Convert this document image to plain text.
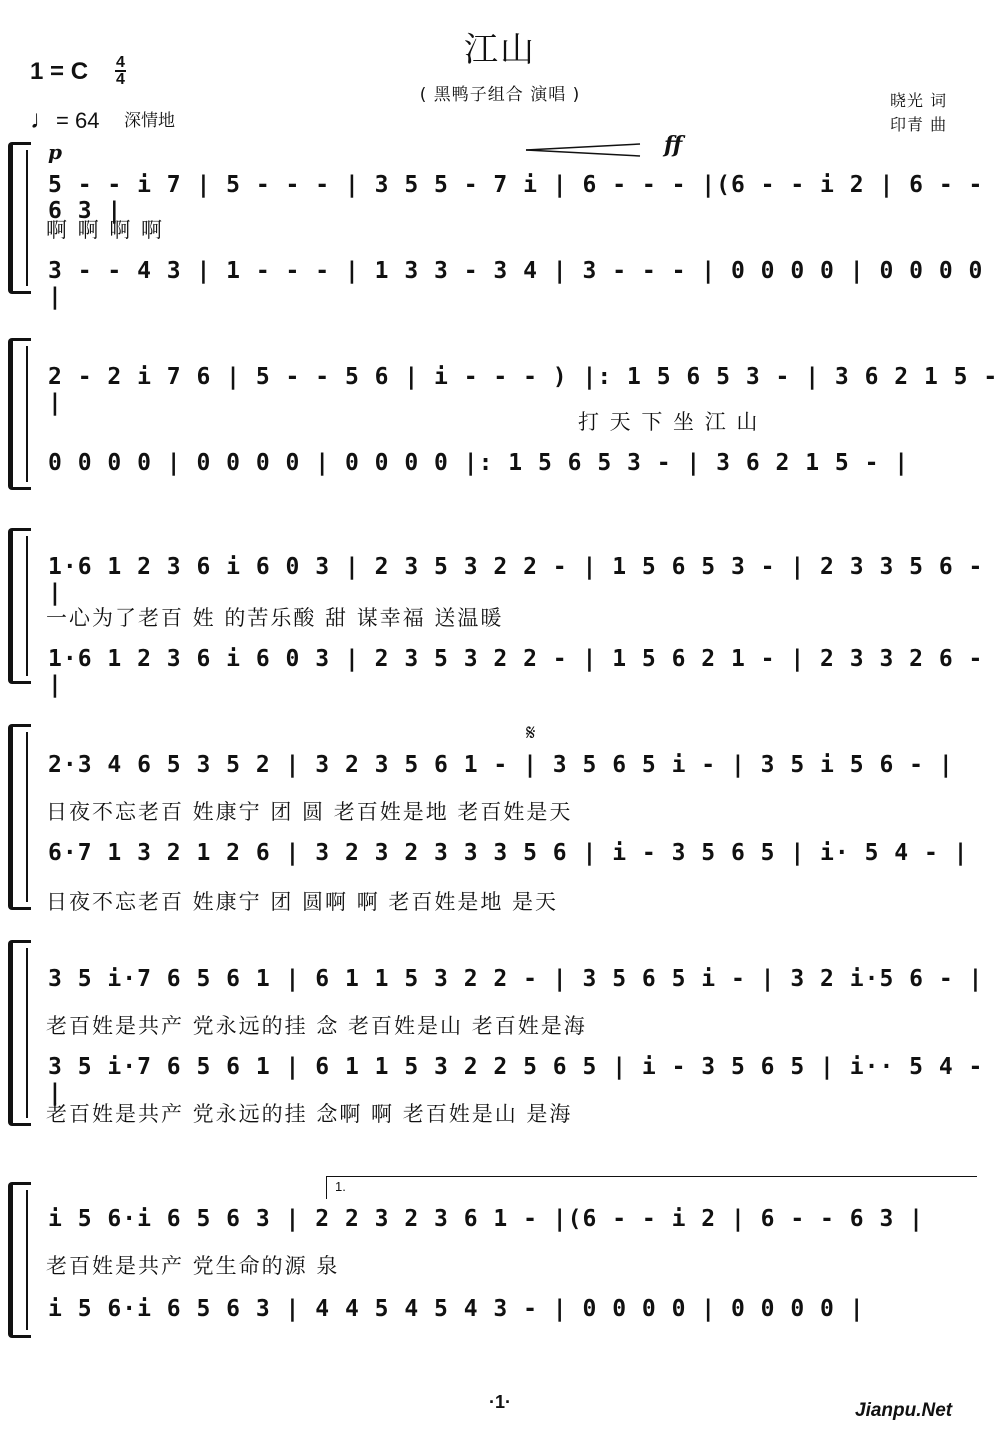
江山
( 黑鸭子组合 演唱 )
1 = C 4
4
♩= 64 深情地
晓光 词
印青 曲
p	ff
𝄋
1.
5 - - i 7 | 5 - - - | 3 5 5 - 7 i | 6 - - - |(6 - - i 2 | 6 - - 6 3 |
啊 啊 啊 啊
3 - - 4 3 | 1 - - - | 1 3 3 - 3 4 | 3 - - - | 0 0 0 0 | 0 0 0 0 |
2 - 2 i 7 6 | 5 - - 5 6 | i - - - ) |: 1 5 6 5 3 - | 3 6 2 1 5 - |
打 天 下 坐 江 山
0 0 0 0 | 0 0 0 0 | 0 0 0 0 |: 1 5 6 5 3 - | 3 6 2 1 5 - |
1·6 1 2 3 6 i 6 0 3 | 2 3 5 3 2 2 - | 1 5 6 5 3 - | 2 3 3 5 6 - |
一心为了老百 姓 的苦乐酸 甜 谋幸福 送温暖
1·6 1 2 3 6 i 6 0 3 | 2 3 5 3 2 2 - | 1 5 6 2 1 - | 2 3 3 2 6 - |
2·3 4 6 5 3 5 2 | 3 2 3 5 6 1 - | 3 5 6 5 i - | 3 5 i 5 6 - |
日夜不忘老百 姓康宁 团 圆 老百姓是地 老百姓是天
6·7 1 3 2 1 2 6 | 3 2 3 2 3 3 3 5 6 | i - 3 5 6 5 | i· 5 4 - |
日夜不忘老百 姓康宁 团 圆啊 啊 老百姓是地 是天
3 5 i·7 6 5 6 1 | 6 1 1 5 3 2 2 - | 3 5 6 5 i - | 3 2 i·5 6 - |
老百姓是共产 党永远的挂 念 老百姓是山 老百姓是海
3 5 i·7 6 5 6 1 | 6 1 1 5 3 2 2 5 6 5 | i - 3 5 6 5 | i·· 5 4 - |
老百姓是共产 党永远的挂 念啊 啊 老百姓是山 是海
i 5 6·i 6 5 6 3 | 2 2 3 2 3 6 1 - |(6 - - i 2 | 6 - - 6 3 |
老百姓是共产 党生命的源 泉
i 5 6·i 6 5 6 3 | 4 4 5 4 5 4 3 - | 0 0 0 0 | 0 0 0 0 |
·1·	Jianpu.Net
